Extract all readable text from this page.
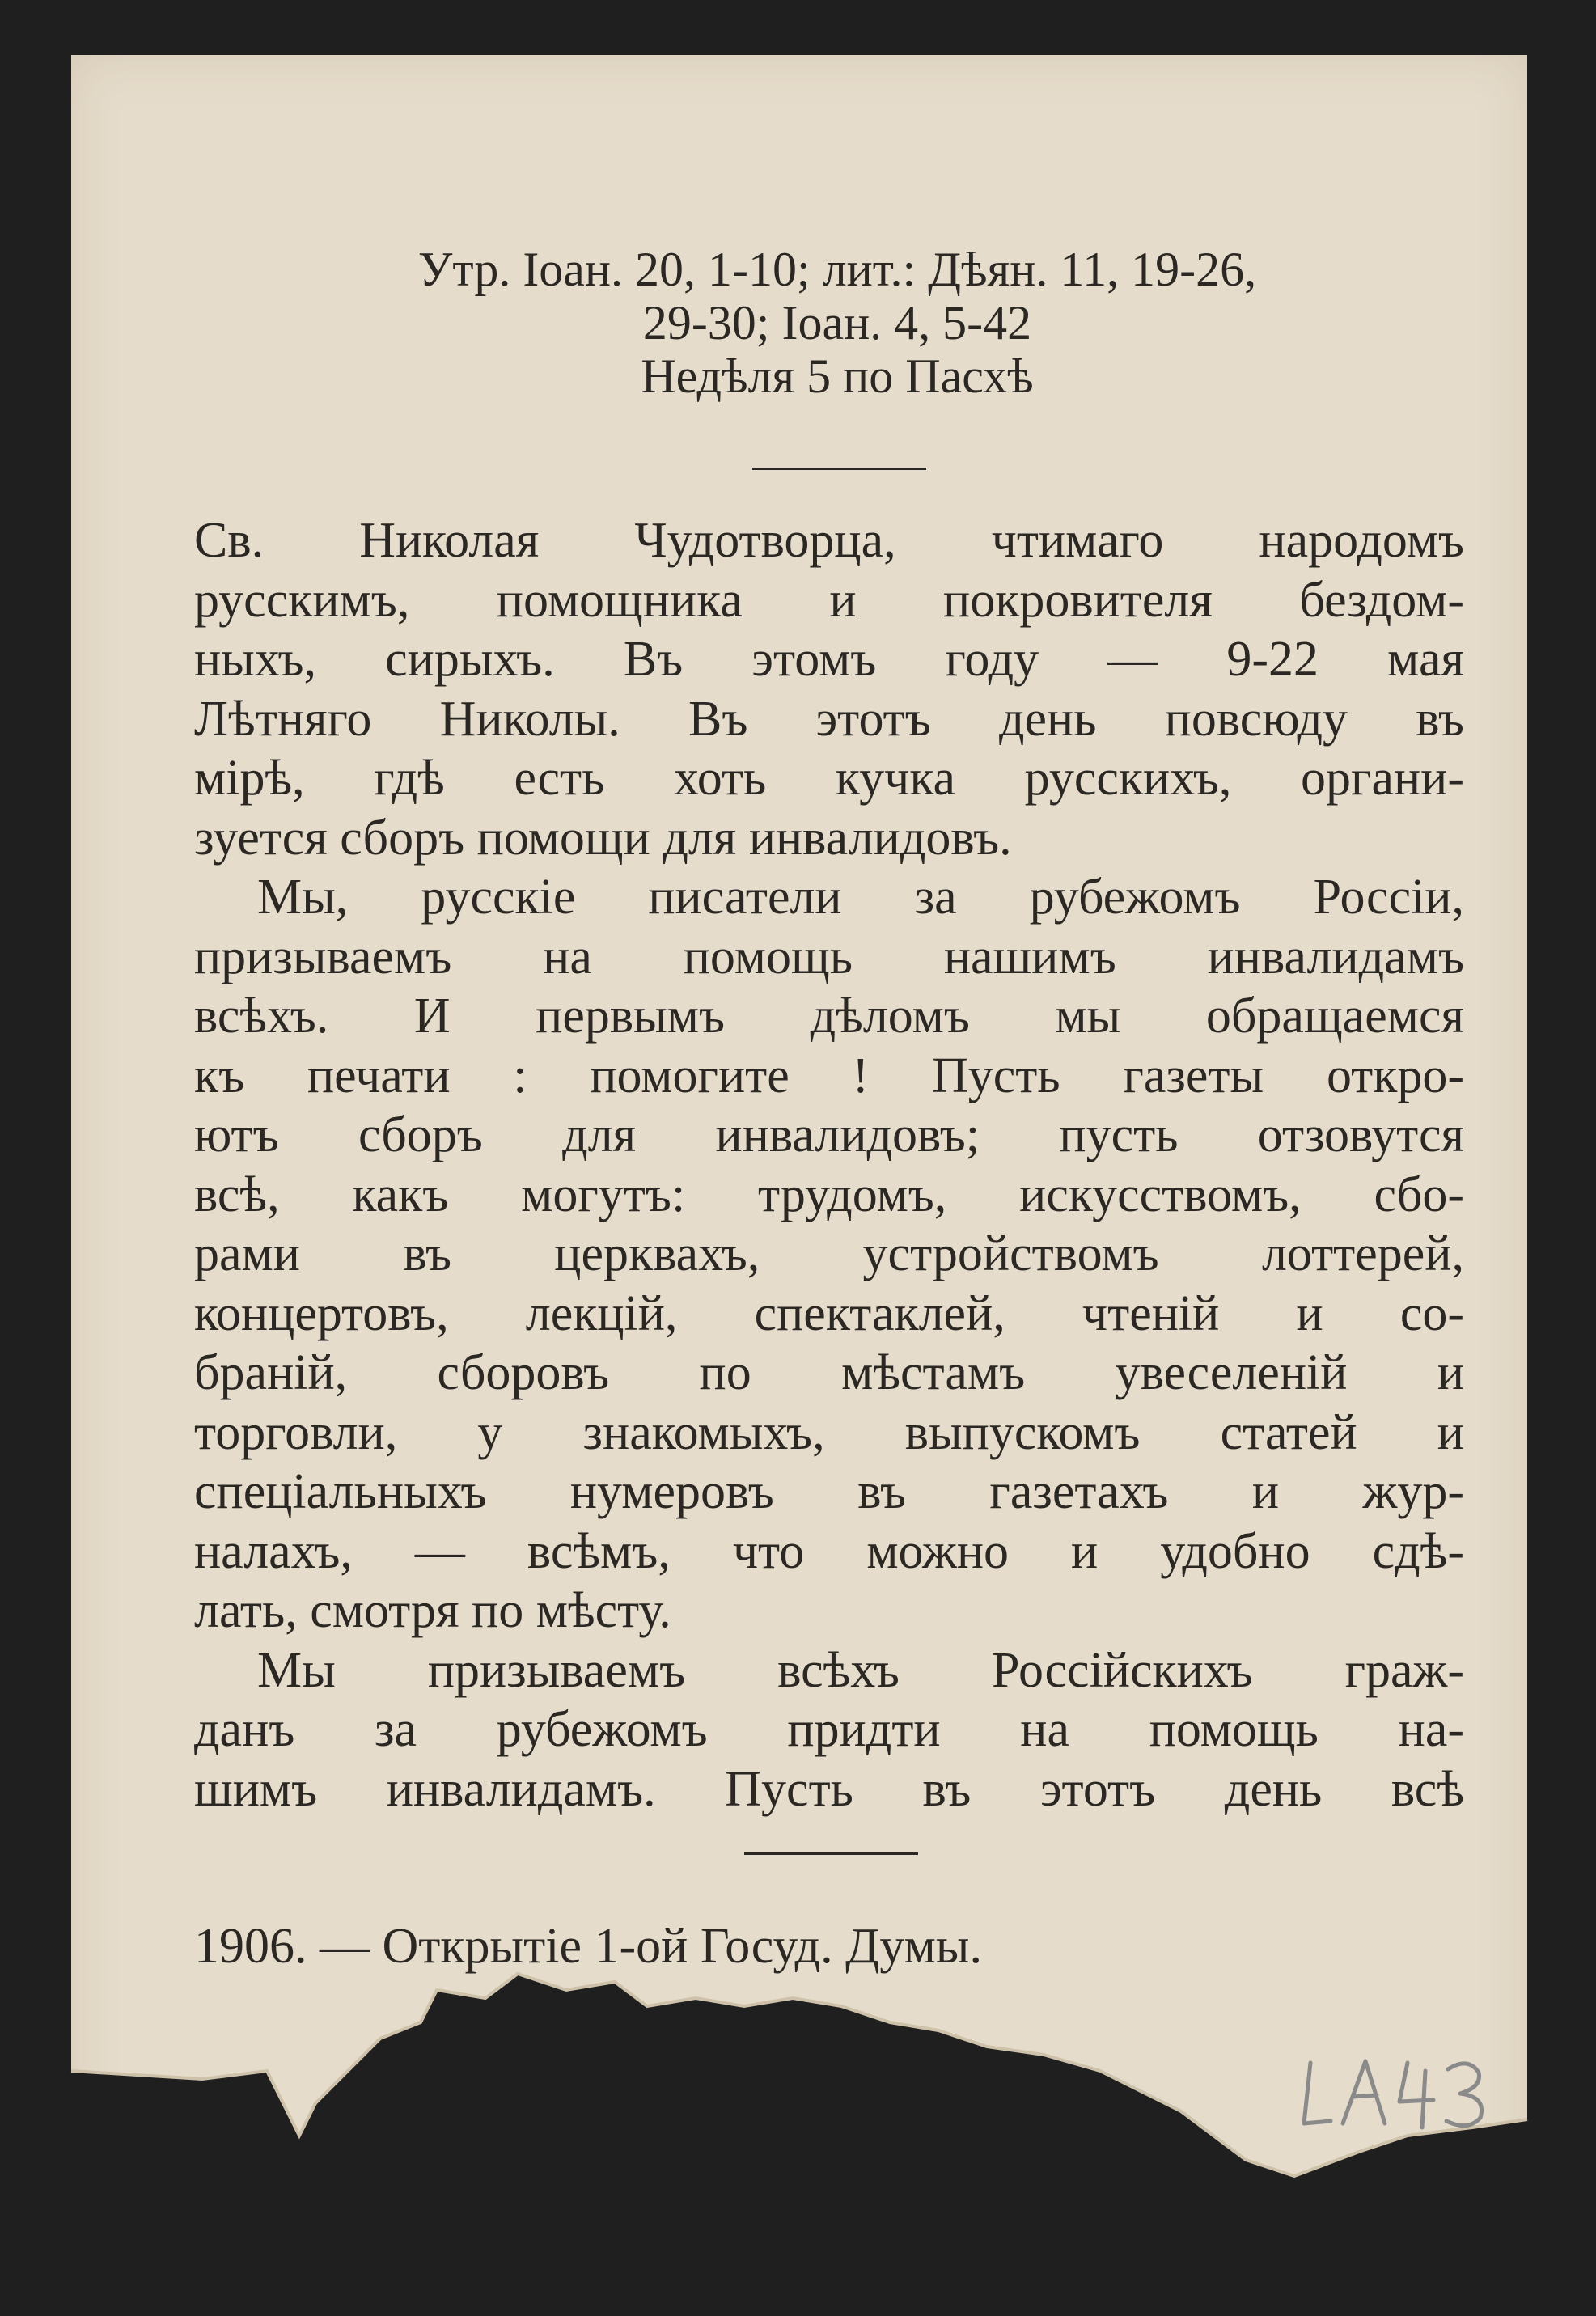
Утр. Іоан. 20, 1-10; лит.: Дѣян. 11, 19-26,
29-30; Іоан. 4, 5-42
Недѣля 5 по Пасхѣ
Св. Николая Чудотворца, чтимаго народомъ
русскимъ, помощника и покровителя бездом-
ныхъ, сирыхъ. Въ этомъ году — 9-22 мая
Лѣтняго Николы. Въ этотъ день повсюду въ
мірѣ, гдѣ есть хоть кучка русскихъ, органи-
зуется сборъ помощи для инвалидовъ.
Мы, русскіе писатели за рубежомъ Россіи,
призываемъ на помощь нашимъ инвалидамъ
всѣхъ. И первымъ дѣломъ мы обращаемся
къ печати : помогите ! Пусть газеты откро-
ютъ сборъ для инвалидовъ; пусть отзовутся
всѣ, какъ могутъ: трудомъ, искусствомъ, сбо-
рами въ церквахъ, устройствомъ лоттерей,
концертовъ, лекцій, спектаклей, чтеній и со-
браній, сборовъ по мѣстамъ увеселеній и
торговли, у знакомыхъ, выпускомъ статей и
спеціальныхъ нумеровъ въ газетахъ и жур-
налахъ, — всѣмъ, что можно и удобно сдѣ-
лать, смотря по мѣсту.
Мы призываемъ всѣхъ Россійскихъ граж-
данъ за рубежомъ придти на помощь на-
шимъ инвалидамъ. Пусть въ этотъ день всѣ
1906. — Открытіе 1-ой Госуд. Думы.
